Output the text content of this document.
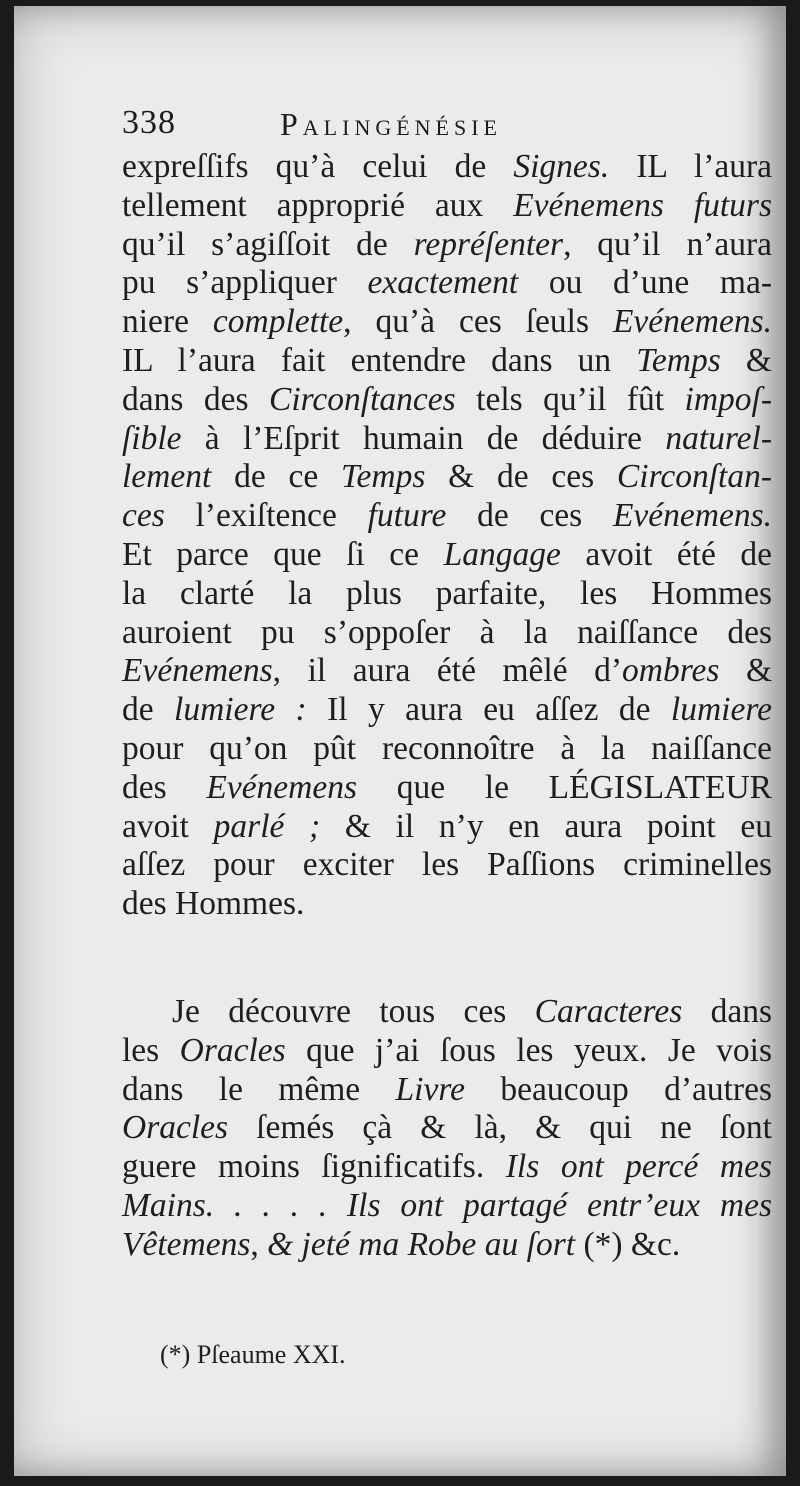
338	Palingénésie
expreſſifs qu’à celui de Signes. IL l’aura
tellement approprié aux Evénemens futurs
qu’il s’agiſſoit de repréſenter, qu’il n’aura
pu s’appliquer exactement ou d’une ma-
niere complette, qu’à ces ſeuls Evénemens.
IL l’aura fait entendre dans un Temps &
dans des Circonſtances tels qu’il fût impoſ-
ſible à l’Eſprit humain de déduire naturel-
lement de ce Temps & de ces Circonſtan-
ces l’exiſtence future de ces Evénemens.
Et parce que ſi ce Langage avoit été de
la clarté la plus parfaite, les Hommes
auroient pu s’oppoſer à la naiſſance des
Evénemens, il aura été mêlé d’ombres &
de lumiere : Il y aura eu aſſez de lumiere
pour qu’on pût reconnoître à la naiſſance
des Evénemens que le LÉGISLATEUR
avoit parlé ; & il n’y en aura point eu
aſſez pour exciter les Paſſions criminelles
des Hommes.
Je découvre tous ces Caracteres dans
les Oracles que j’ai ſous les yeux. Je vois
dans le même Livre beaucoup d’autres
Oracles ſemés çà & là, & qui ne ſont
guere moins ſignificatifs. Ils ont percé mes
Mains. . . . . Ils ont partagé entr’eux mes
Vêtemens, & jeté ma Robe au ſort (*) &c.
(*) Pſeaume XXI.
